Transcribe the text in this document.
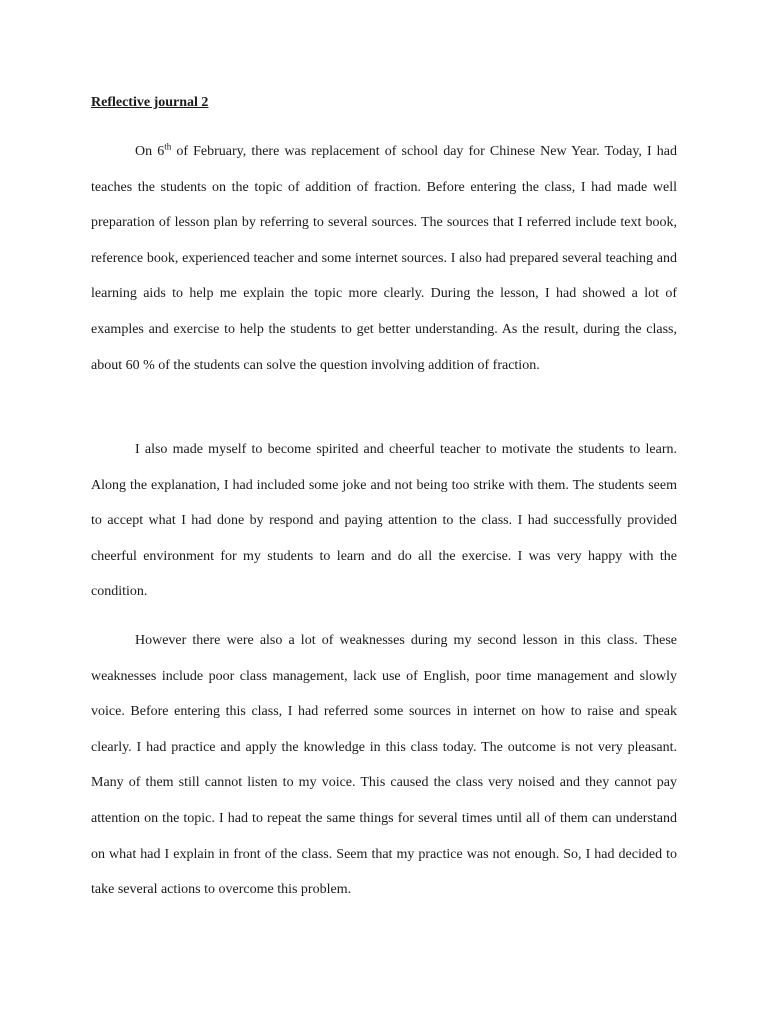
Reflective journal 2

On 6th of February, there was replacement of school day for Chinese New Year. Today, I had teaches the students on the topic of addition of fraction. Before entering the class, I had made well preparation of lesson plan by referring to several sources. The sources that I referred include text book, reference book, experienced teacher and some internet sources. I also had prepared several teaching and learning aids to help me explain the topic more clearly. During the lesson, I had showed a lot of examples and exercise to help the students to get better understanding. As the result, during the class, about 60 % of the students can solve the question involving addition of fraction.

I also made myself to become spirited and cheerful teacher to motivate the students to learn. Along the explanation, I had included some joke and not being too strike with them. The students seem to accept what I had done by respond and paying attention to the class. I had successfully provided cheerful environment for my students to learn and do all the exercise. I was very happy with the condition.

However there were also a lot of weaknesses during my second lesson in this class. These weaknesses include poor class management, lack use of English, poor time management and slowly voice. Before entering this class, I had referred some sources in internet on how to raise and speak clearly. I had practice and apply the knowledge in this class today. The outcome is not very pleasant. Many of them still cannot listen to my voice. This caused the class very noised and they cannot pay attention on the topic. I had to repeat the same things for several times until all of them can understand on what had I explain in front of the class. Seem that my practice was not enough. So, I had decided to take several actions to overcome this problem.
